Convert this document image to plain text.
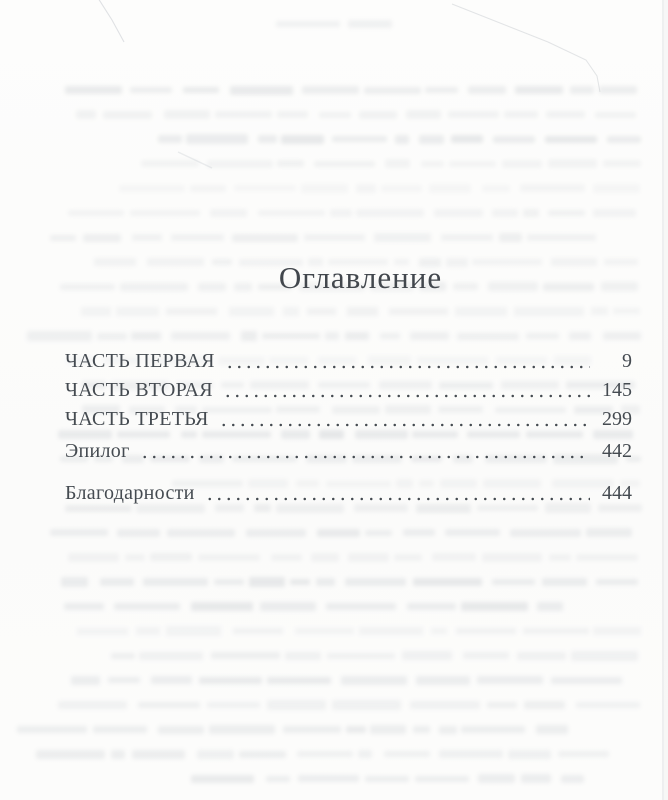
Оглавление
ЧАСТЬ ПЕРВАЯ	9
ЧАСТЬ ВТОРАЯ	145
ЧАСТЬ ТРЕТЬЯ	299
Эпилог	442
Благодарности	444
